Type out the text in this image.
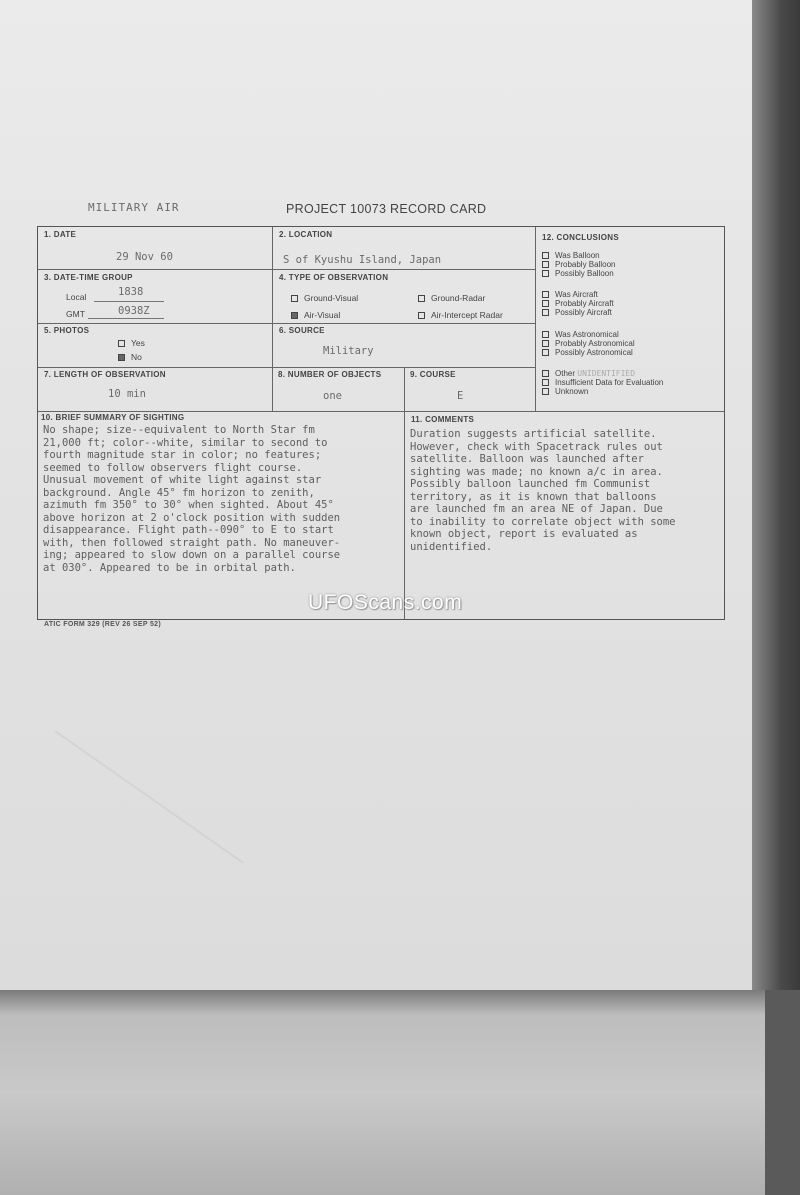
MILITARY AIR	PROJECT 10073 RECORD CARD
1. DATE
29 Nov 60
2. LOCATION
S of Kyushu Island, Japan
3. DATE-TIME GROUP
Local	1838
GMT	0938Z
4. TYPE OF OBSERVATION
Ground-Visual	Ground-Radar
Air-Visual	Air-Intercept Radar
5. PHOTOS
Yes
No
6. SOURCE
Military
7. LENGTH OF OBSERVATION
10 min
8. NUMBER OF OBJECTS
one
9. COURSE
E
12. CONCLUSIONS
Was Balloon
Probably Balloon
Possibly Balloon
Was Aircraft
Probably Aircraft
Possibly Aircraft
Was Astronomical
Probably Astronomical
Possibly Astronomical
Other UNIDENTIFIED
Insufficient Data for Evaluation
Unknown
10. BRIEF SUMMARY OF SIGHTING
No shape; size--equivalent to North Star fm
21,000 ft; color--white, similar to second to
fourth magnitude star in color; no features;
seemed to follow observers flight course.
Unusual movement of white light against star
background. Angle 45° fm horizon to zenith,
azimuth fm 350° to 30° when sighted. About 45°
above horizon at 2 o'clock position with sudden
disappearance. Flight path--090° to E to start
with, then followed straight path. No maneuver-
ing; appeared to slow down on a parallel course
at 030°. Appeared to be in orbital path.
11. COMMENTS
Duration suggests artificial satellite.
However, check with Spacetrack rules out
satellite. Balloon was launched after
sighting was made; no known a/c in area.
Possibly balloon launched fm Communist
territory, as it is known that balloons
are launched fm an area NE of Japan. Due
to inability to correlate object with some
known object, report is evaluated as
unidentified.
ATIC FORM 329 (REV 26 SEP 52)
UFOScans.com
